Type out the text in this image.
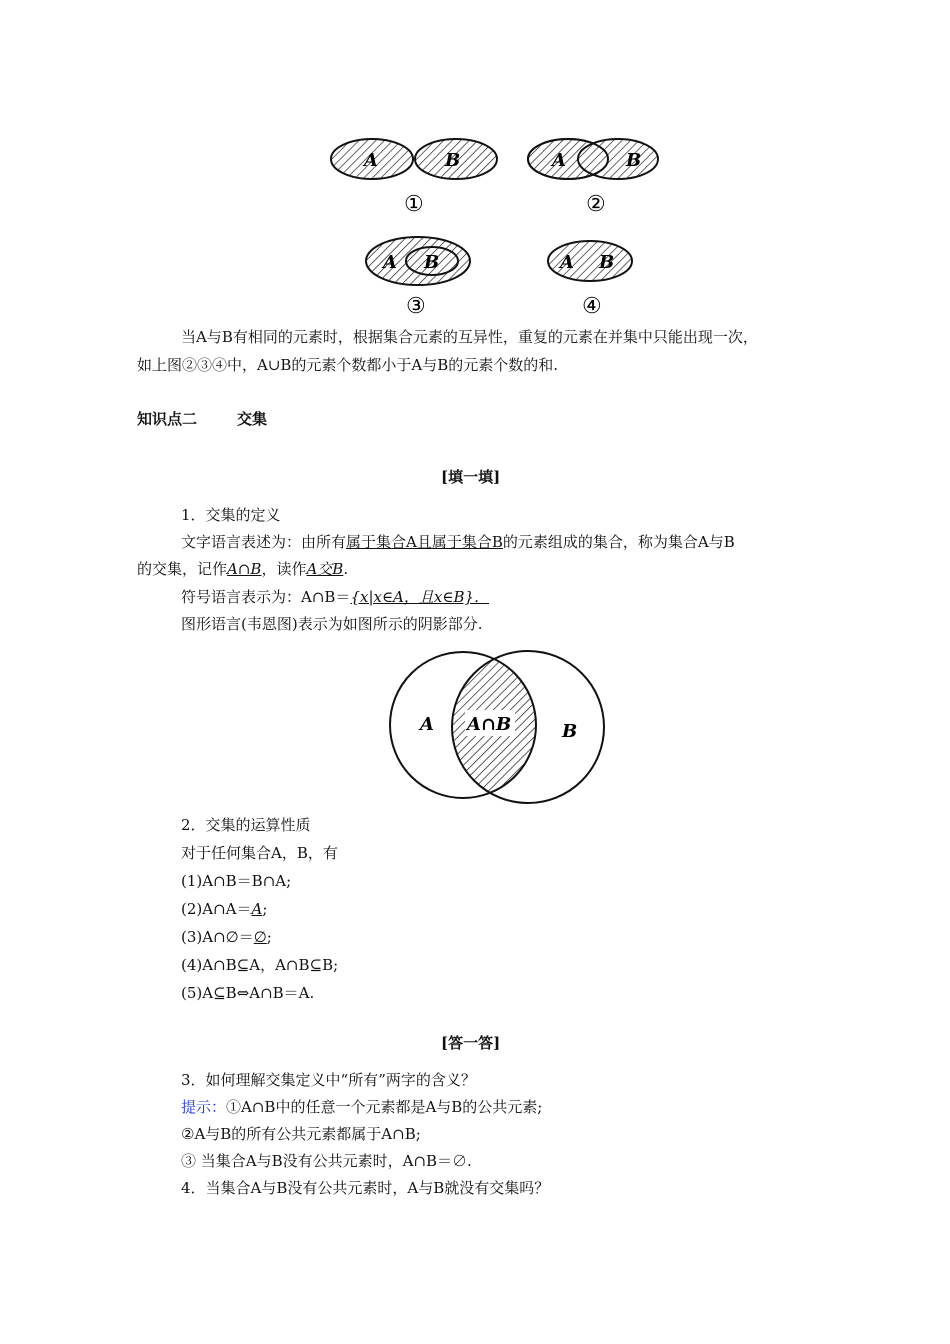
A	B
①
A	B
②
A B
③
A B
④
当A与B有相同的元素时，根据集合元素的互异性，重复的元素在并集中只能出现一次，
如上图②③④中，A∪B的元素个数都小于A与B的元素个数的和.
知识点二	交集
[填一填]
1．交集的定义
文字语言表述为：由所有属于集合A且属于集合B的元素组成的集合，称为集合A与B
的交集，记作A∩B，读作A交B.
符号语言表示为：A∩B＝{x|x∈A，且x∈B}．
图形语言(韦恩图)表示为如图所示的阴影部分.
A A∩B	B
2．交集的运算性质
对于任何集合A，B，有
(1)A∩B＝B∩A;
(2)A∩A＝A;
(3)A∩∅＝∅;
(4)A∩B⊆A，A∩B⊆B;
(5)A⊆B⇔A∩B＝A.
[答一答]
3．如何理解交集定义中“所有”两字的含义？
提示：①A∩B中的任意一个元素都是A与B的公共元素;
②A与B的所有公共元素都属于A∩B;
③ 当集合A与B没有公共元素时，A∩B＝∅.
4．当集合A与B没有公共元素时，A与B就没有交集吗？
